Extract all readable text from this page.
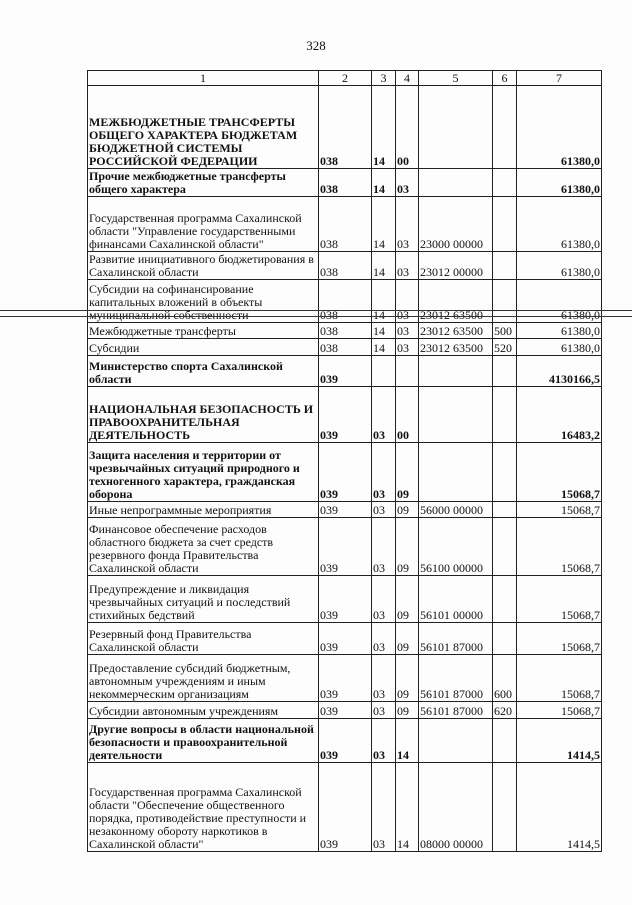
328
1	2	3	4	5	6	7
МЕЖБЮДЖЕТНЫЕ ТРАНСФЕРТЫ ОБЩЕГО ХАРАКТЕРА БЮДЖЕТАМ БЮДЖЕТНОЙ СИСТЕМЫ РОССИЙСКОЙ ФЕДЕРАЦИИ	038	14	00			61380,0
Прочие межбюджетные трансферты общего характера	038	14	03			61380,0
Государственная программа Сахалинской области "Управление государственными финансами Сахалинской области"	038	14	03	23000 00000		61380,0
Развитие инициативного бюджетирования в Сахалинской области	038	14	03	23012 00000		61380,0
Субсидии на софинансирование капитальных вложений в объекты муниципальной собственности	038	14	03	23012 63500		61380,0
Межбюджетные трансферты	038	14	03	23012 63500	500	61380,0
Субсидии	038	14	03	23012 63500	520	61380,0
Министерство спорта Сахалинской области	039					4130166,5
НАЦИОНАЛЬНАЯ БЕЗОПАСНОСТЬ И ПРАВООХРАНИТЕЛЬНАЯ ДЕЯТЕЛЬНОСТЬ	039	03	00			16483,2
Защита населения и территории от чрезвычайных ситуаций природного и техногенного характера, гражданская оборона	039	03	09			15068,7
Иные непрограммные мероприятия	039	03	09	56000 00000		15068,7
Финансовое обеспечение расходов областного бюджета за счет средств резервного фонда Правительства Сахалинской области	039	03	09	56100 00000		15068,7
Предупреждение и ликвидация чрезвычайных ситуаций и последствий стихийных бедствий	039	03	09	56101 00000		15068,7
Резервный фонд Правительства Сахалинской области	039	03	09	56101 87000		15068,7
Предоставление субсидий бюджетным, автономным учреждениям и иным некоммерческим организациям	039	03	09	56101 87000	600	15068,7
Субсидии автономным учреждениям	039	03	09	56101 87000	620	15068,7
Другие вопросы в области национальной безопасности и правоохранительной деятельности	039	03	14			1414,5
Государственная программа Сахалинской области "Обеспечение общественного порядка, противодействие преступности и незаконному обороту наркотиков в Сахалинской области"	039	03	14	08000 00000		1414,5
